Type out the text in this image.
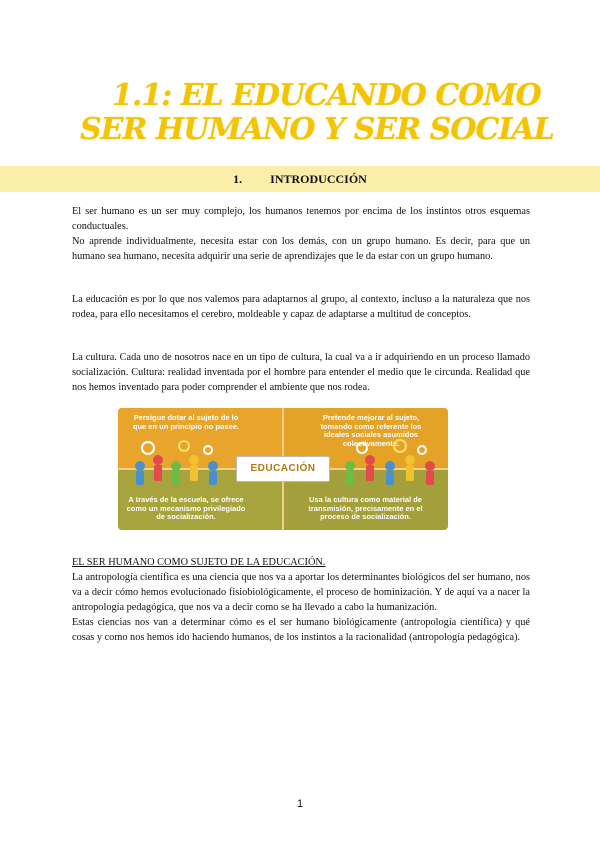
1.1: EL EDUCANDO COMO
SER HUMANO Y SER SOCIAL
1. INTRODUCCIÓN
El ser humano es un ser muy complejo, los humanos tenemos por encima de los instintos otros esquemas conductuales.
No aprende individualmente, necesita estar con los demás, con un grupo humano. Es decir, para que un humano sea humano, necesita adquirir una serie de aprendizajes que le da estar con un grupo humano.
La educación es por lo que nos valemos para adaptarnos al grupo, al contexto, incluso a la naturaleza que nos rodea, para ello necesitamos el cerebro, moldeable y capaz de adaptarse a multitud de conceptos.
La cultura. Cada uno de nosotros nace en un tipo de cultura, la cual va a ir adquiriendo en un proceso llamado socialización. Cultura: realidad inventada por el hombre para entender el medio que le circunda. Realidad que nos hemos inventado para poder comprender el ambiente que nos rodea.
Persigue dotar al sujeto de lo que en un principio no posee.
Pretende mejorar al sujeto, tomando como referente los ideales sociales asumidos colectivamente.
A través de la escuela, se ofrece como un mecanismo privilegiado de socialización.
Usa la cultura como material de transmisión, precisamente en el proceso de socialización.
EDUCACIÓN
EL SER HUMANO COMO SUJETO DE LA EDUCACIÓN.
La antropología científica es una ciencia que nos va a aportar los determinantes biológicos del ser humano, nos va a decir cómo hemos evolucionado fisiobiológicamente, el proceso de hominización. Y de aquí va a nacer la antropología pedagógica, que nos va a decir como se ha llevado a cabo la humanización.
Estas ciencias nos van a determinar cómo es el ser humano biológicamente (antropología científica) y qué cosas y como nos hemos ido haciendo humanos, de los instintos a la racionalidad (antropología pedagógica).
1
